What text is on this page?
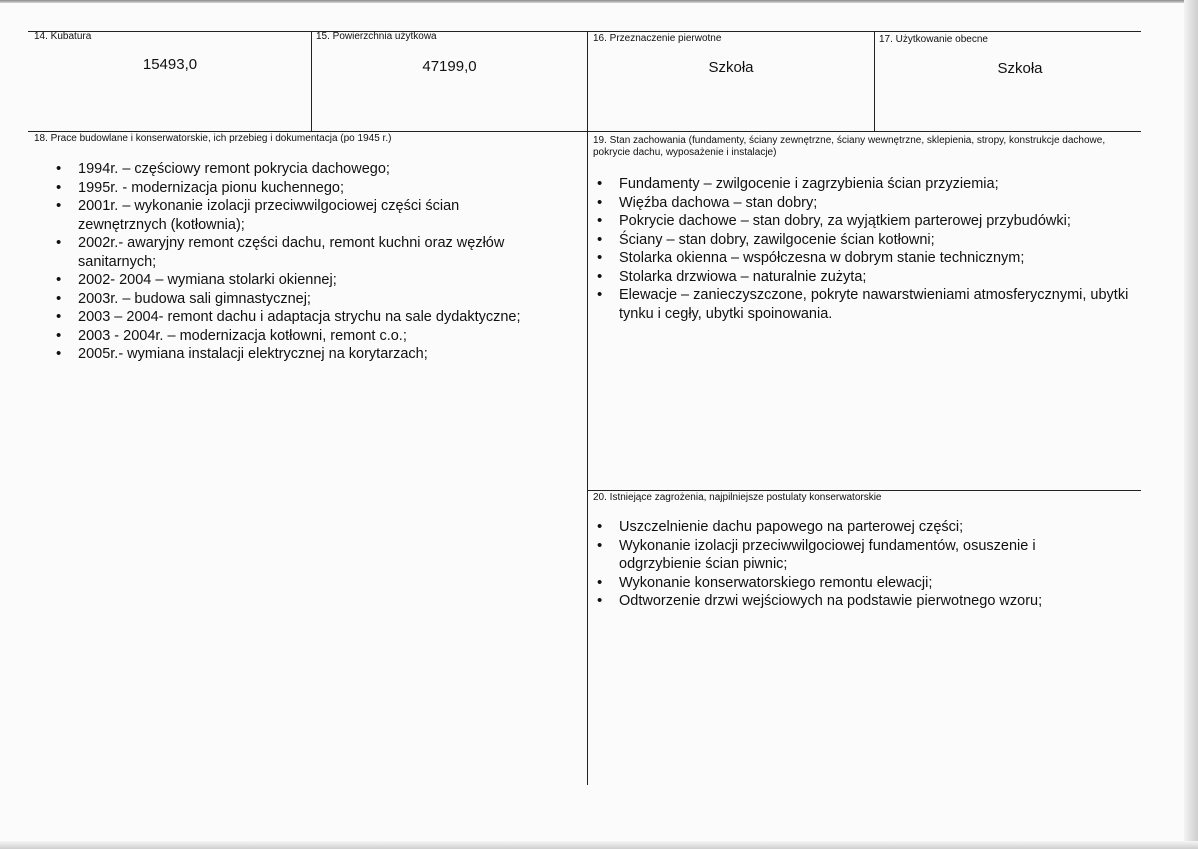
14. Kubatura
15493,0
15. Powierzchnia użytkowa
47199,0
16. Przeznaczenie pierwotne
Szkoła
17. Użytkowanie obecne
Szkoła
18. Prace budowlane i konserwatorskie, ich przebieg i dokumentacja (po 1945 r.)
• 1994r. – częściowy remont pokrycia dachowego;
• 1995r. - modernizacja pionu kuchennego;
• 2001r. – wykonanie izolacji przeciwwilgociowej części ścian zewnętrznych (kotłownia);
• 2002r.- awaryjny remont części dachu, remont kuchni oraz węzłów sanitarnych;
• 2002- 2004 – wymiana stolarki okiennej;
• 2003r. – budowa sali gimnastycznej;
• 2003 – 2004- remont dachu i adaptacja strychu na sale dydaktyczne;
• 2003 - 2004r. – modernizacja kotłowni, remont c.o.;
• 2005r.- wymiana instalacji elektrycznej na korytarzach;
19. Stan zachowania (fundamenty, ściany zewnętrzne, ściany wewnętrzne, sklepienia, stropy, konstrukcje dachowe, pokrycie dachu, wyposażenie i instalacje)
• Fundamenty – zwilgocenie i zagrzybienia ścian przyziemia;
• Więźba dachowa – stan dobry;
• Pokrycie dachowe – stan dobry, za wyjątkiem parterowej przybudówki;
• Ściany – stan dobry, zawilgocenie ścian kotłowni;
• Stolarka okienna – współczesna w dobrym stanie technicznym;
• Stolarka drzwiowa – naturalnie zużyta;
• Elewacje – zanieczyszczone, pokryte nawarstwieniami atmosferycznymi, ubytki tynku i cegły, ubytki spoinowania.
20. Istniejące zagrożenia, najpilniejsze postulaty konserwatorskie
• Uszczelnienie dachu papowego na parterowej części;
• Wykonanie izolacji przeciwwilgociowej fundamentów, osuszenie i odgrzybienie ścian piwnic;
• Wykonanie konserwatorskiego remontu elewacji;
• Odtworzenie drzwi wejściowych na podstawie pierwotnego wzoru;
